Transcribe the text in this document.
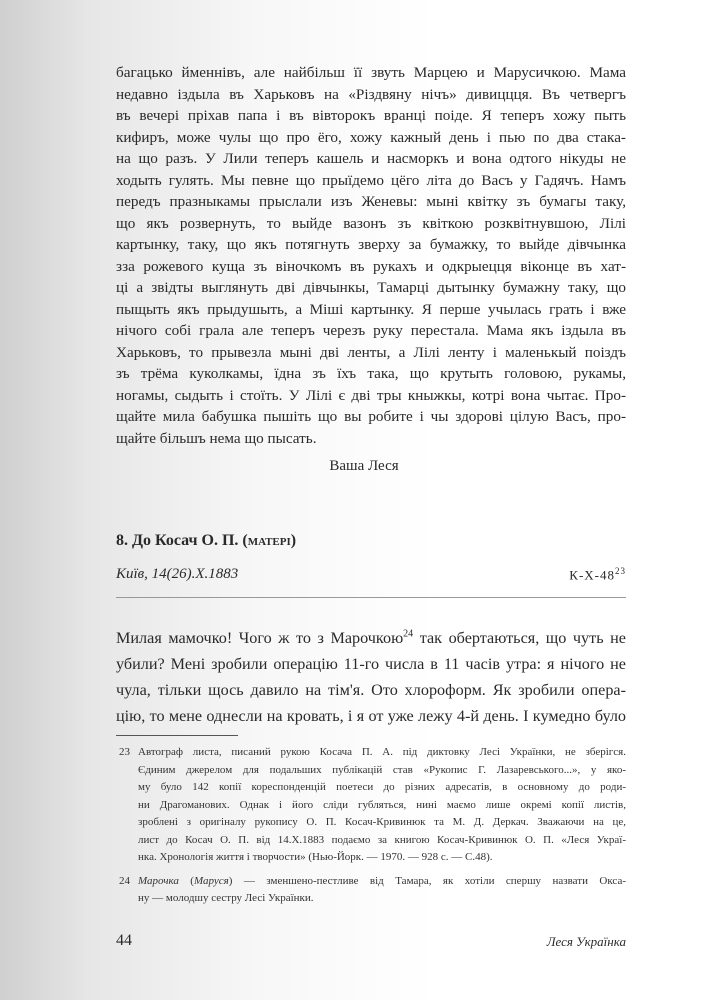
багацько йменнівъ, але найбільш її звуть Марцею и Марусичкою. Мама
недавно іздыла въ Харьковъ на «Різдвяну нічъ» дивиццця. Въ четвергъ
въ вечері пріхав папа і въ вівторокъ вранці поіде. Я теперъ хожу пыть
кифиръ, може чулы що про ёго, хожу кажный день і пью по два стака-
на що разъ. У Лили теперъ кашель и насморкъ и вона одтого нікуды не
ходыть гулять. Мы певне що прыїдемо цёго літа до Васъ у Гадячъ. Намъ
передъ празныкамы прыслали изъ Женевы: мыні квітку зъ бумагы таку,
що якъ розвернуть, то выйде вазонъ зъ квіткою розквітнувшою, Лілі
картынку, таку, що якъ потягнуть зверху за бумажку, то выйде дівчынка
зза рожевого куща зъ віночкомъ въ рукахъ и одкрыецця віконце въ хат-
ці а звідты выглянуть дві дівчынкы, Тамарці дытынку бумажну таку, що
пыщыть якъ прыдушыть, а Міші картынку. Я перше учылась грать і вже
нічого собі грала але теперъ черезъ руку перестала. Мама якъ іздыла въ
Харьковъ, то прывезла мыні дві ленты, а Лілі ленту і маленькый поіздъ
зъ трёма куколкамы, їдна зъ їхъ така, що крутыть головою, рукамы,
ногамы, сыдыть і стоїть. У Лілі є дві тры кныжкы, котрі вона чытає. Про-
щайте мила бабушка пышіть що вы робите і чы здорові цілую Васъ, про-
щайте більшъ нема що пысать.
Ваша Леся
8. До Косач О. П. (матері)
Київ, 14(26).X.1883	$К-Х-48^{23}$
Милая мамочко! Чого ж то з Марочкою$^{24}$ так обертаються, що чуть не
убили? Мені зробили операцію 11-го числа в 11 часів утра: я нічого не
чула, тільки щось давило на тім'я. Ото хлороформ. Як зробили опера-
цію, то мене однесли на кровать, і я от уже лежу 4-й день. І кумедно було
23 Автограф листа, писаний рукою Косача П. А. під диктовку Лесі Українки, не зберігся.
Єдиним джерелом для подальших публікацій став «Рукопис Г. Лазаревського...», у яко-
му було 142 копії кореспонденцій поетеси до різних адресатів, в основному до роди-
ни Драгоманових. Однак і його сліди губляться, нині маємо лише окремі копії листів,
зроблені з оригіналу рукопису О. П. Косач-Кривинюк та М. Д. Деркач. Зважаючи на це,
лист до Косач О. П. від 14.X.1883 подаємо за книгою Косач-Кривинюк О. П. «Леся Украї-
нка. Хронологія життя і творчости» (Нью-Йорк. — 1970. — 928 с. — С.48).
24 Марочка (Маруся) — зменшено-пестливе від Тамара, як хотіли спершу назвати Окса-
ну — молодшу сестру Лесі Українки.
44	Леся Українка
